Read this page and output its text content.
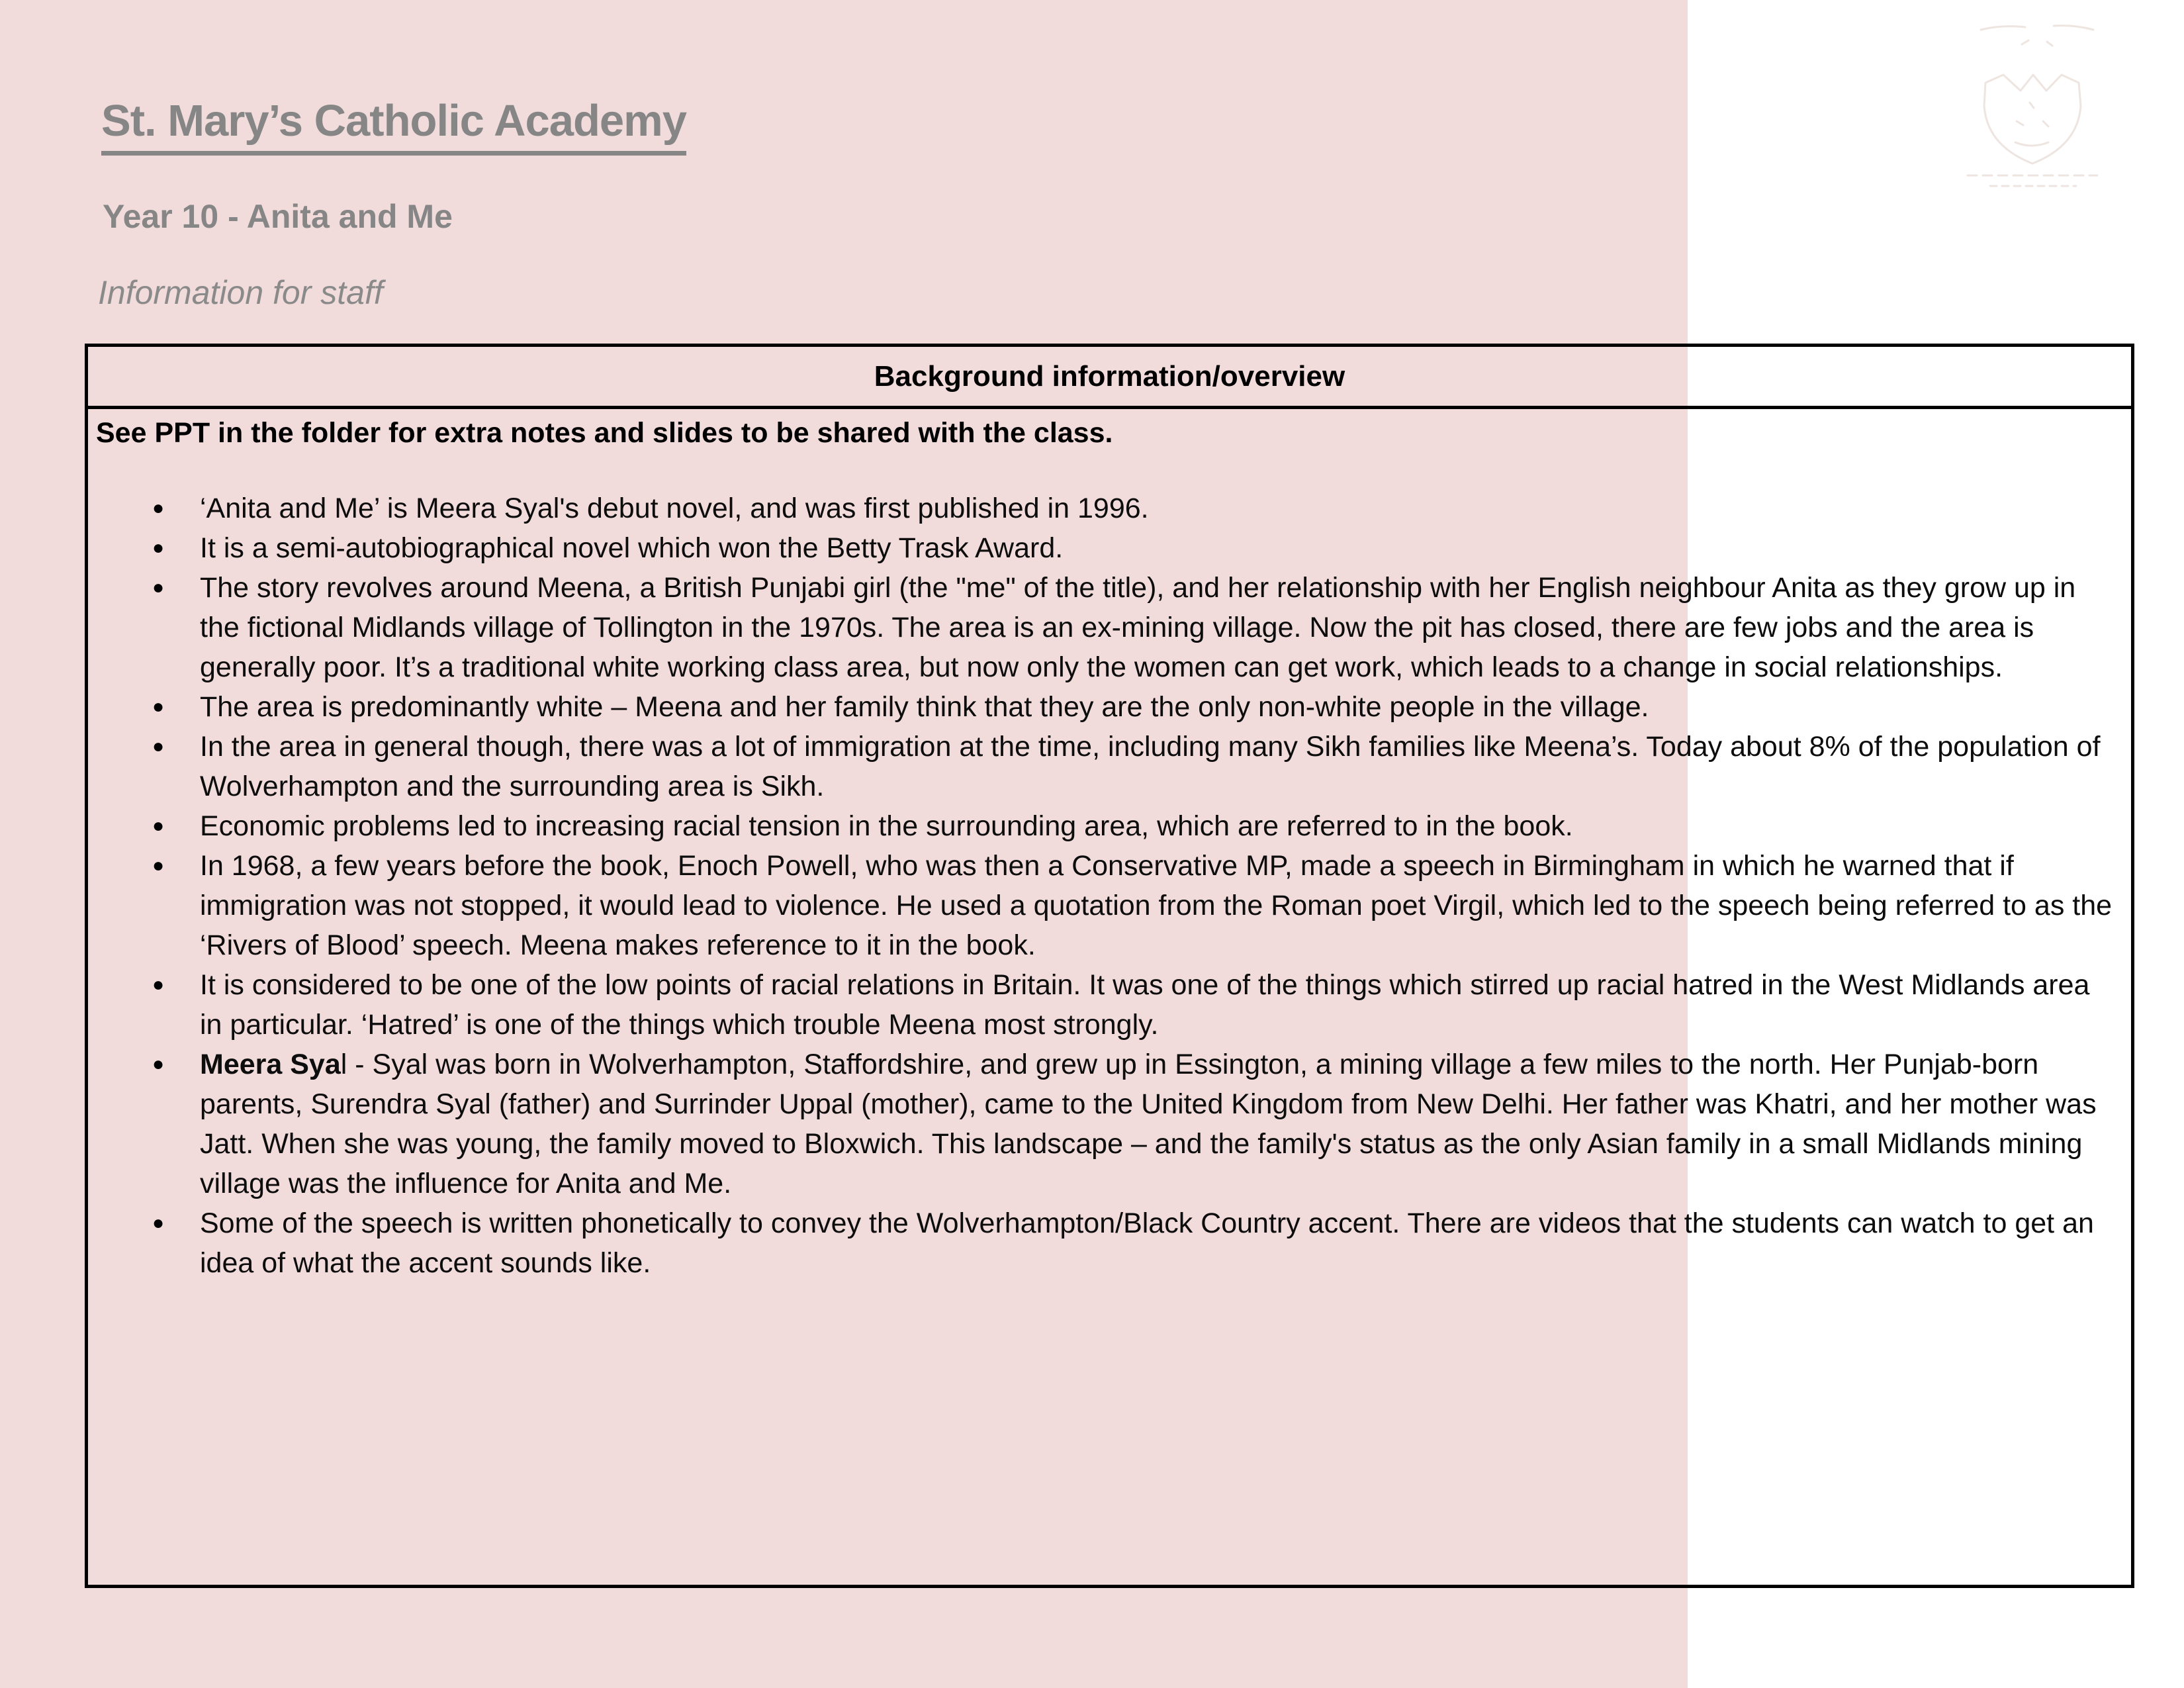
St. Mary’s Catholic Academy
Year 10 - Anita and Me

Information for staff

Background information/overview

See PPT in the folder for extra notes and slides to be shared with the class.

● ‘Anita and Me’ is Meera Syal's debut novel, and was first published in 1996.
● It is a semi-autobiographical novel which won the Betty Trask Award.
● The story revolves around Meena, a British Punjabi girl (the "me" of the title), and her relationship with her English neighbour Anita as they grow up in the fictional Midlands village of Tollington in the 1970s. The area is an ex-mining village. Now the pit has closed, there are few jobs and the area is generally poor. It’s a traditional white working class area, but now only the women can get work, which leads to a change in social relationships.
● The area is predominantly white – Meena and her family think that they are the only non-white people in the village.
● In the area in general though, there was a lot of immigration at the time, including many Sikh families like Meena’s. Today about 8% of the population of Wolverhampton and the surrounding area is Sikh.
● Economic problems led to increasing racial tension in the surrounding area, which are referred to in the book.
● In 1968, a few years before the book, Enoch Powell, who was then a Conservative MP, made a speech in Birmingham in which he warned that if immigration was not stopped, it would lead to violence. He used a quotation from the Roman poet Virgil, which led to the speech being referred to as the ‘Rivers of Blood’ speech. Meena makes reference to it in the book.
● It is considered to be one of the low points of racial relations in Britain. It was one of the things which stirred up racial hatred in the West Midlands area in particular. ‘Hatred’ is one of the things which trouble Meena most strongly.
● Meera Syal - Syal was born in Wolverhampton, Staffordshire, and grew up in Essington, a mining village a few miles to the north. Her Punjab-born parents, Surendra Syal (father) and Surrinder Uppal (mother), came to the United Kingdom from New Delhi. Her father was Khatri, and her mother was Jatt. When she was young, the family moved to Bloxwich. This landscape – and the family's status as the only Asian family in a small Midlands mining village was the influence for Anita and Me.
● Some of the speech is written phonetically to convey the Wolverhampton/Black Country accent. There are videos that the students can watch to get an idea of what the accent sounds like.
